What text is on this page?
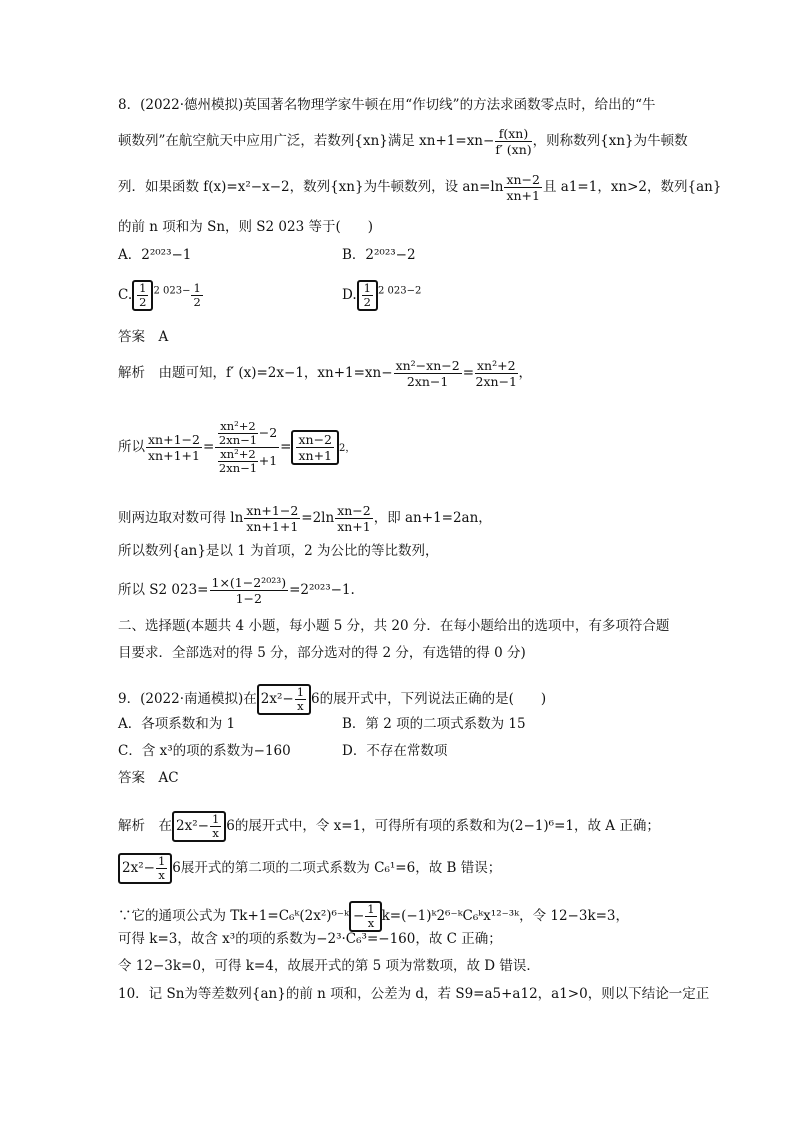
8．(2022·德州模拟)英国著名物理学家牛顿在用“作切线”的方法求函数零点时，给出的“牛
顿数列”在航空航天中应用广泛，若数列{xn}满足 $xn+1=xn- \frac{f(xn)}{f' (xn)}$ ，则称数列{xn}为牛顿数
列．如果函数 f(x)=x²−x−2，数列{xn}为牛顿数列，设 $an=\ln \frac{xn-2}{xn+1}$ 且 a1=1，xn>2，数列{an}
的前 n 项和为 Sn，则 S2 023 等于(　　)
A．2²⁰²³−1	B．2²⁰²³−2
C. $\frac{1}{2} ^{2 023-} \frac{1}{2}$	D. $\frac{1}{2} ^{2 023-2}$
答案　A
解析　由题可知，f′ (x)=2x−1，$xn+1=xn- \frac{\text{xn²−xn−2}}{2xn-1} = \frac{\text{xn²+2}}{2xn-1}$ ，
所以 $\frac{xn+1-2}{xn+1+1} = \frac{\frac{\text{xn²+2}}{2xn-1} -2}{\frac{\text{xn²+2}}{2xn-1} +1} = \frac{xn-2}{xn+1} 2$，
则两边取对数可得 $\ln \frac{xn+1-2}{xn+1+1} =2\ln \frac{xn-2}{xn+1}$ ，即 an+1=2an，
所以数列{an}是以 1 为首项，2 为公比的等比数列，
所以 S2 $023= \frac{\text{1×(1−2²⁰²³)}}{1-2} =2^{2023}-1$.
二、选择题(本题共 4 小题，每小题 5 分，共 20 分．在每小题给出的选项中，有多项符合题
目要求．全部选对的得 5 分，部分选对的得 2 分，有选错的得 0 分)
9．(2022·南通模拟)在 $2x^2- \frac{1}{x} 6$的展开式中，下列说法正确的是(　　)
A．各项系数和为 1	B．第 2 项的二项式系数为 15
C．含 x³的项的系数为−160	D．不存在常数项
答案　AC
解析　在 $2x^2- \frac{1}{x} 6$的展开式中，令 x=1，可得所有项的系数和为(2−1)⁶=1，故 A 正确；
$2x^2- \frac{1}{x} 6$展开式的第二项的二项式系数为 C₆¹=6，故 B 错误；
∵它的通项公式为 Tk+1=C₆ᵏ(2x²)⁶⁻ᵏ − $\frac{1}{x}$ k=(−1)ᵏ2⁶⁻ᵏC₆ᵏx¹²⁻³ᵏ，令 12−3k=3，
可得 k=3，故含 x³的项的系数为−2³·C₆³=−160，故 C 正确；
令 12−3k=0，可得 k=4，故展开式的第 5 项为常数项，故 D 错误．
10．记 Sn为等差数列{an}的前 n 项和，公差为 d，若 S9=a5+a12，a1>0，则以下结论一定正
